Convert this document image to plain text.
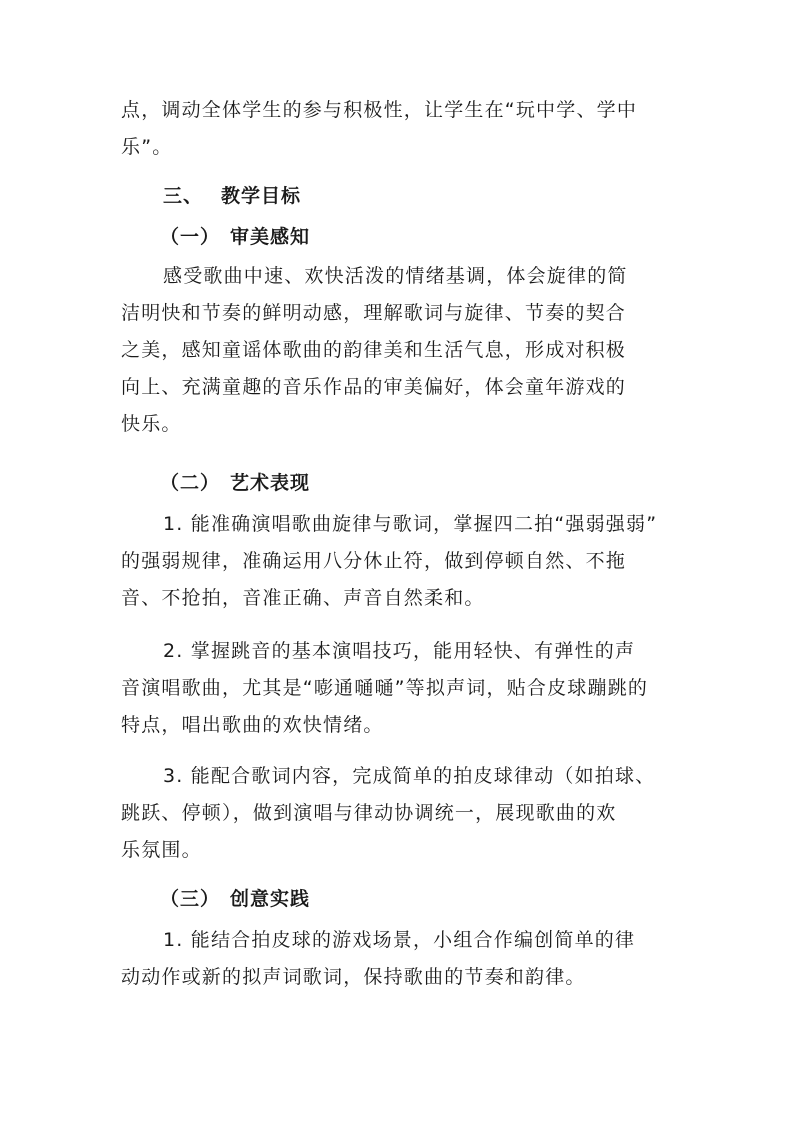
点，调动全体学生的参与积极性，让学生在“玩中学、学中
乐”。
三、 教学目标
（一） 审美感知
感受歌曲中速、欢快活泼的情绪基调，体会旋律的简
洁明快和节奏的鲜明动感，理解歌词与旋律、节奏的契合
之美，感知童谣体歌曲的韵律美和生活气息，形成对积极
向上、充满童趣的音乐作品的审美偏好，体会童年游戏的
快乐。
（二） 艺术表现
1. 能准确演唱歌曲旋律与歌词，掌握四二拍“强弱强弱”
的强弱规律，准确运用八分休止符，做到停顿自然、不拖
音、不抢拍，音准正确、声音自然柔和。
2. 掌握跳音的基本演唱技巧，能用轻快、有弹性的声
音演唱歌曲，尤其是“嘭通嗵嗵”等拟声词，贴合皮球蹦跳的
特点，唱出歌曲的欢快情绪。
3. 能配合歌词内容，完成简单的拍皮球律动（如拍球、
跳跃、停顿），做到演唱与律动协调统一，展现歌曲的欢
乐氛围。
（三） 创意实践
1. 能结合拍皮球的游戏场景，小组合作编创简单的律
动动作或新的拟声词歌词，保持歌曲的节奏和韵律。
